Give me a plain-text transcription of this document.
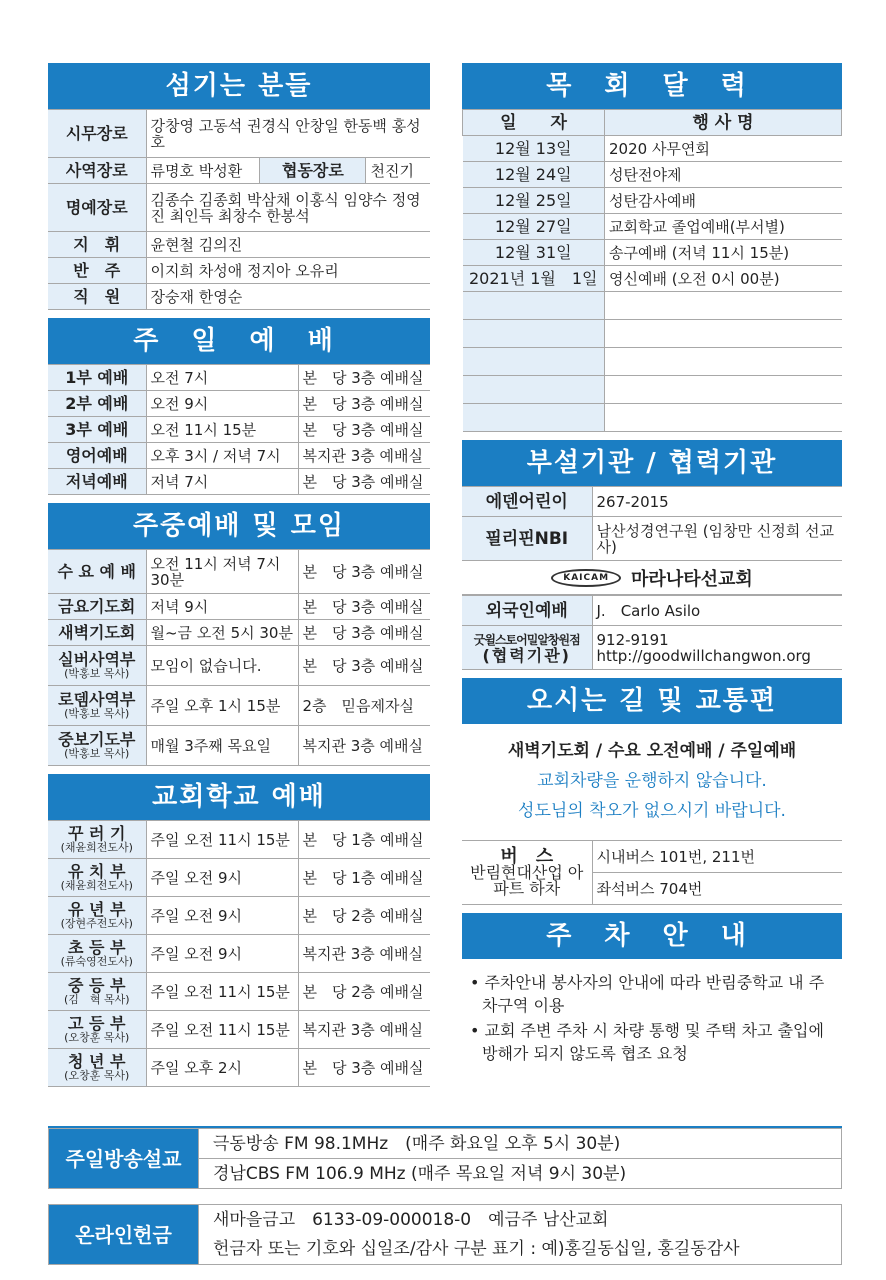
섬기는 분들
시무장로	강창영 고동석 권경식 안창일 한동백 홍성호		
사역장로	류명호 박성환	협동장로	천진기
명예장로	김종수 김종회 박삼채 이홍식 임양수 정영진 최인득 최창수 한봉석		
지　휘	윤현철 김의진		
반　주	이지희 차성애 정지아 오유리		
직　원	장숭재 한영순		
주 일 예 배
1부 예배	오전 7시	본　당 3층 예배실
2부 예배	오전 9시	본　당 3층 예배실
3부 예배	오전 11시 15분	본　당 3층 예배실
영어예배	오후 3시 / 저녁 7시	복지관 3층 예배실
저녁예배	저녁 7시	본　당 3층 예배실
주중예배 및 모임
수 요 예 배	오전 11시 저녁 7시 30분	본　당 3층 예배실
금요기도회	저녁 9시	본　당 3층 예배실
새벽기도회	월~금 오전 5시 30분	본　당 3층 예배실
실버사역부
(박홍보 목사)	모임이 없습니다.	본　당 3층 예배실
로뎀사역부
(박홍보 목사)	주일 오후 1시 15분	2층　믿음제자실
중보기도부
(박홍보 목사)	매월 3주째 목요일	복지관 3층 예배실
교회학교 예배
꾸 러 기
(채윤희전도사)	주일 오전 11시 15분	본　당 1층 예배실
유 치 부
(채윤희전도사)	주일 오전 9시	본　당 1층 예배실
유 년 부
(장현주전도사)	주일 오전 9시	본　당 2층 예배실
초 등 부
(류숙영전도사)	주일 오전 9시	복지관 3층 예배실
중 등 부
(김　혁 목사)	주일 오전 11시 15분	본　당 2층 예배실
고 등 부
(오창훈 목사)	주일 오전 11시 15분	복지관 3층 예배실
청 년 부
(오창훈 목사)	주일 오후 2시	본　당 3층 예배실
목 회 달 력
일　　자	행 사 명
12월 13일	2020 사무연회
12월 24일	성탄전야제
12월 25일	성탄감사예배
12월 27일	교회학교 졸업예배(부서별)
12월 31일	송구예배 (저녁 11시 15분)
2021년 1월　1일	영신예배 (오전 0시 00분)

부설기관 / 협력기관
에덴어린이	267-2015
필리핀NBI	남산성경연구원 (임창만 신정희 선교사)
KAICAM	마라나타선교회
외국인예배	J.　Carlo Asilo
굿윌스토어밀알창원점
(협력기관)	912-9191
http://goodwillchangwon.org
오시는 길 및 교통편
새벽기도회 / 수요 오전예배 / 주일예배
교회차량을 운행하지 않습니다.
성도님의 착오가 없으시기 바랍니다.
버　스
반림현대산업 아파트 하차	시내버스 101번, 211번
좌석버스 704번
주 차 안 내
• 주차안내 봉사자의 안내에 따라 반림중학교 내 주차구역 이용
• 교회 주변 주차 시 차량 통행 및 주택 차고 출입에 방해가 되지 않도록 협조 요청
주일방송설교	극동방송 FM 98.1MHz　(매주 화요일 오후 5시 30분)
경남CBS FM 106.9 MHz (매주 목요일 저녁 9시 30분)
온라인헌금	새마을금고　6133-09-000018-0　예금주 남산교회
헌금자 또는 기호와 십일조/감사 구분 표기 : 예)홍길동십일, 홍길동감사
